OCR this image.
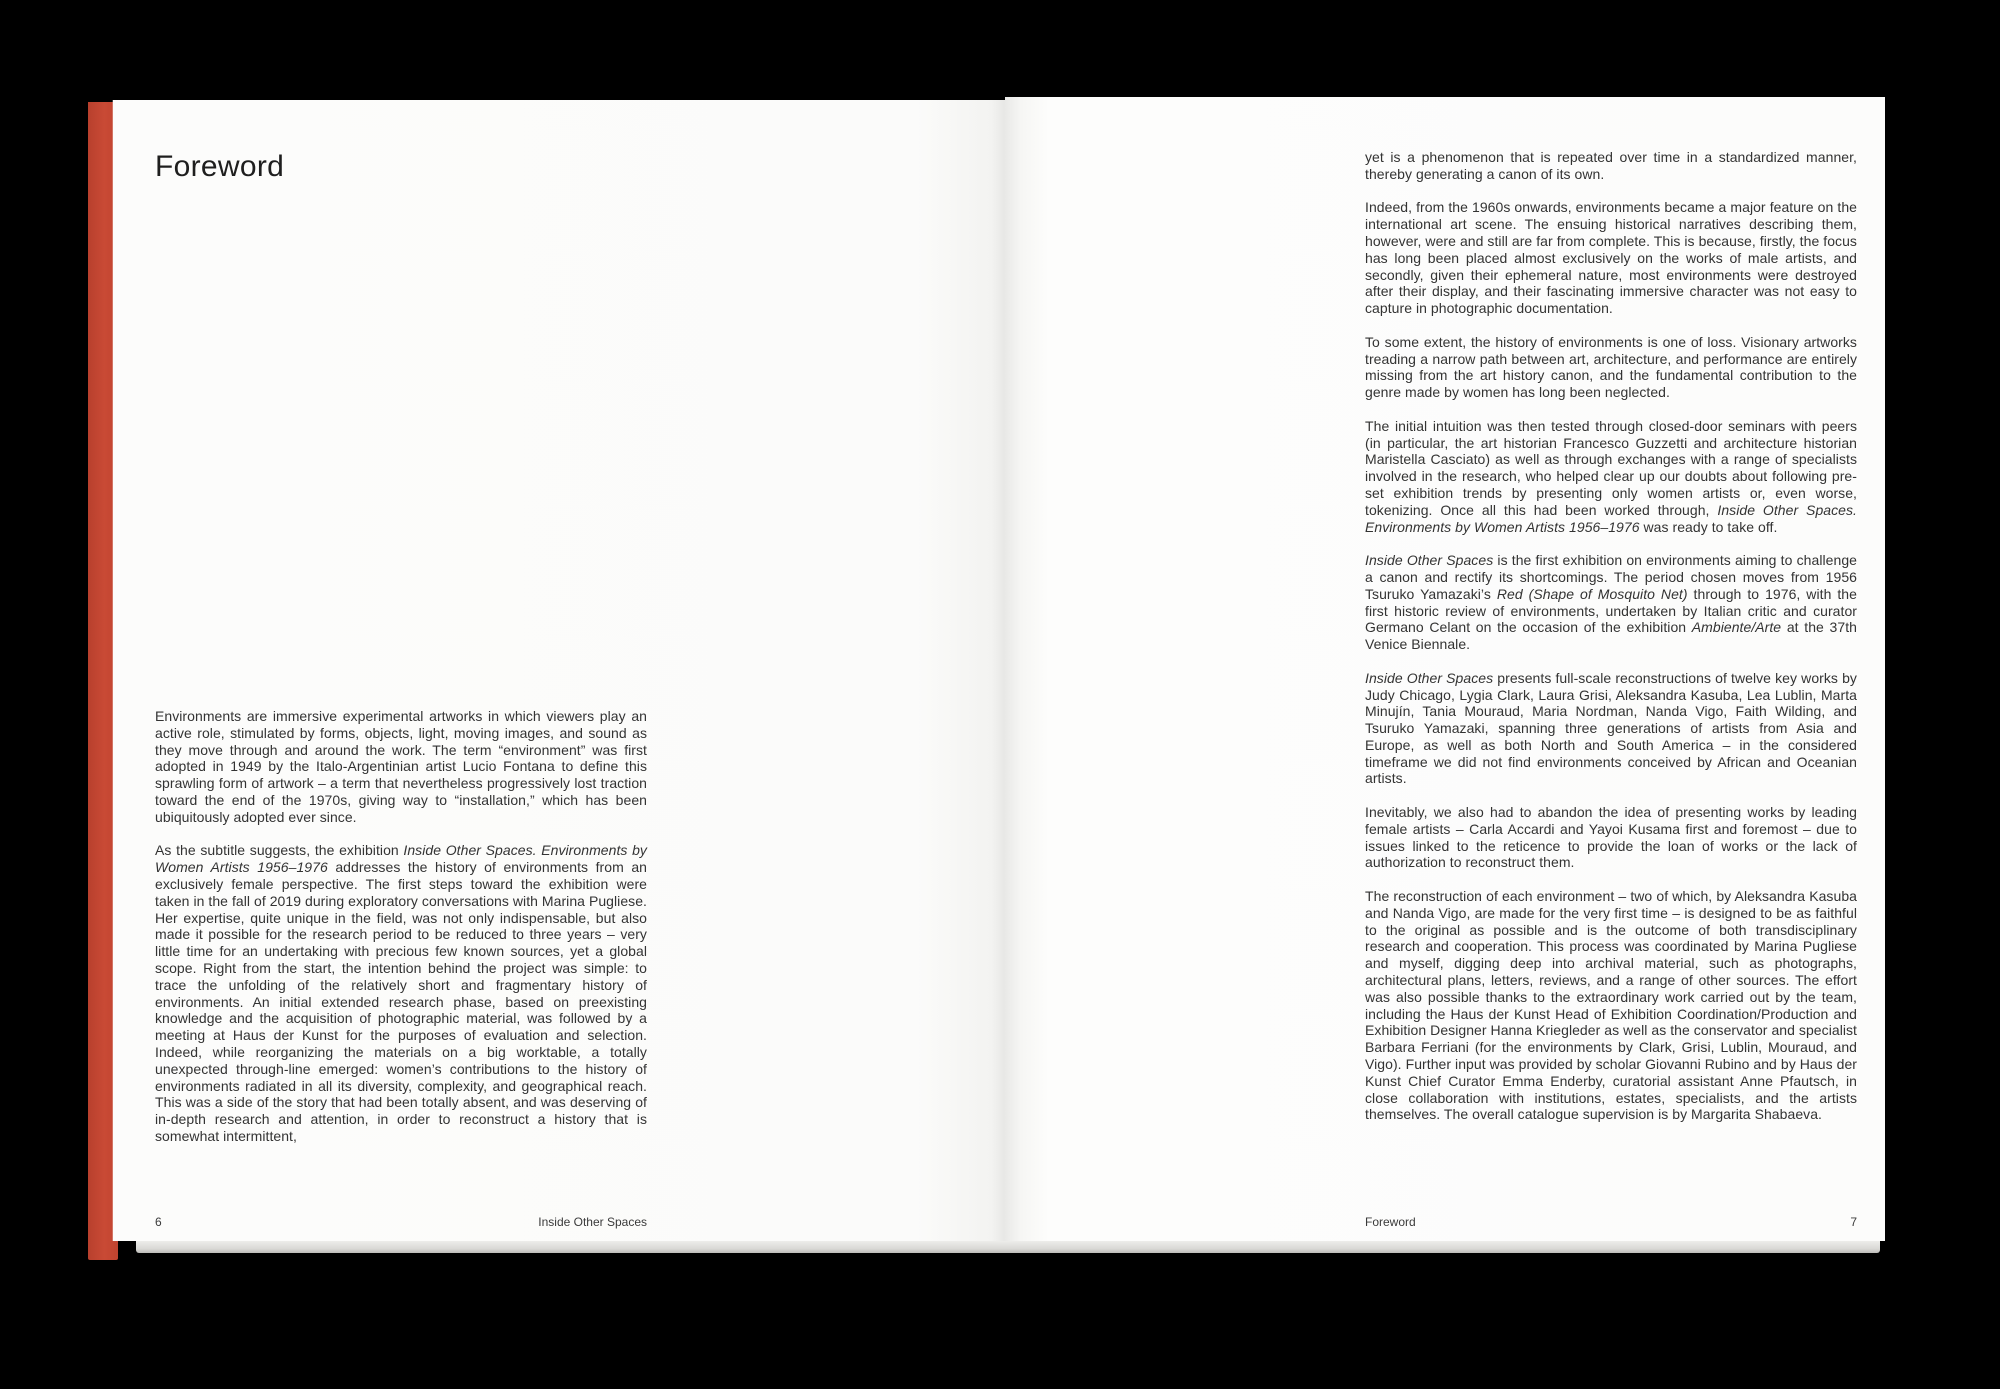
Foreword

Environments are immersive experimental artworks in which viewers play an active role, stimulated by forms, objects, light, moving images, and sound as they move through and around the work. The term “environment” was first adopted in 1949 by the Italo-Argentinian artist Lucio Fontana to define this sprawling form of artwork – a term that nevertheless progressively lost traction toward the end of the 1970s, giving way to “installation,” which has been ubiquitously adopted ever since.

As the subtitle suggests, the exhibition Inside Other Spaces. Environments by Women Artists 1956–1976 addresses the history of environments from an exclusively female perspective. The first steps toward the exhibition were taken in the fall of 2019 during exploratory conversations with Marina Pugliese. Her expertise, quite unique in the field, was not only indispensable, but also made it possible for the research period to be reduced to three years – very little time for an undertaking with precious few known sources, yet a global scope. Right from the start, the intention behind the project was simple: to trace the unfolding of the relatively short and fragmentary history of environments. An initial extended research phase, based on preexisting knowledge and the acquisition of photographic material, was followed by a meeting at Haus der Kunst for the purposes of evaluation and selection. Indeed, while reorganizing the materials on a big worktable, a totally unexpected through-line emerged: women’s contributions to the history of environments radiated in all its diversity, complexity, and geographical reach. This was a side of the story that had been totally absent, and was deserving of in-depth research and attention, in order to reconstruct a history that is somewhat intermittent,

6	Inside Other Spaces

yet is a phenomenon that is repeated over time in a standardized manner, thereby generating a canon of its own.

Indeed, from the 1960s onwards, environments became a major feature on the international art scene. The ensuing historical narratives describing them, however, were and still are far from complete. This is because, firstly, the focus has long been placed almost exclusively on the works of male artists, and secondly, given their ephemeral nature, most environments were destroyed after their display, and their fascinating immersive character was not easy to capture in photographic documentation.

To some extent, the history of environments is one of loss. Visionary artworks treading a narrow path between art, architecture, and performance are entirely missing from the art history canon, and the fundamental contribution to the genre made by women has long been neglected.

The initial intuition was then tested through closed-door seminars with peers (in particular, the art historian Francesco Guzzetti and architecture historian Maristella Casciato) as well as through exchanges with a range of specialists involved in the research, who helped clear up our doubts about following pre-set exhibition trends by presenting only women artists or, even worse, tokenizing. Once all this had been worked through, Inside Other Spaces. Environments by Women Artists 1956–1976 was ready to take off.

Inside Other Spaces is the first exhibition on environments aiming to challenge a canon and rectify its shortcomings. The period chosen moves from 1956 Tsuruko Yamazaki’s Red (Shape of Mosquito Net) through to 1976, with the first historic review of environments, undertaken by Italian critic and curator Germano Celant on the occasion of the exhibition Ambiente/Arte at the 37th Venice Biennale.

Inside Other Spaces presents full-scale reconstructions of twelve key works by Judy Chicago, Lygia Clark, Laura Grisi, Aleksandra Kasuba, Lea Lublin, Marta Minujín, Tania Mouraud, Maria Nordman, Nanda Vigo, Faith Wilding, and Tsuruko Yamazaki, spanning three generations of artists from Asia and Europe, as well as both North and South America – in the considered timeframe we did not find environments conceived by African and Oceanian artists.

Inevitably, we also had to abandon the idea of presenting works by leading female artists – Carla Accardi and Yayoi Kusama first and foremost – due to issues linked to the reticence to provide the loan of works or the lack of authorization to reconstruct them.

The reconstruction of each environment – two of which, by Aleksandra Kasuba and Nanda Vigo, are made for the very first time – is designed to be as faithful to the original as possible and is the outcome of both transdisciplinary research and cooperation. This process was coordinated by Marina Pugliese and myself, digging deep into archival material, such as photographs, architectural plans, letters, reviews, and a range of other sources. The effort was also possible thanks to the extraordinary work carried out by the team, including the Haus der Kunst Head of Exhibition Coordination/Production and Exhibition Designer Hanna Kriegleder as well as the conservator and specialist Barbara Ferriani (for the environments by Clark, Grisi, Lublin, Mouraud, and Vigo). Further input was provided by scholar Giovanni Rubino and by Haus der Kunst Chief Curator Emma Enderby, curatorial assistant Anne Pfautsch, in close collaboration with institutions, estates, specialists, and the artists themselves. The overall catalogue supervision is by Margarita Shabaeva.

Foreword	7
